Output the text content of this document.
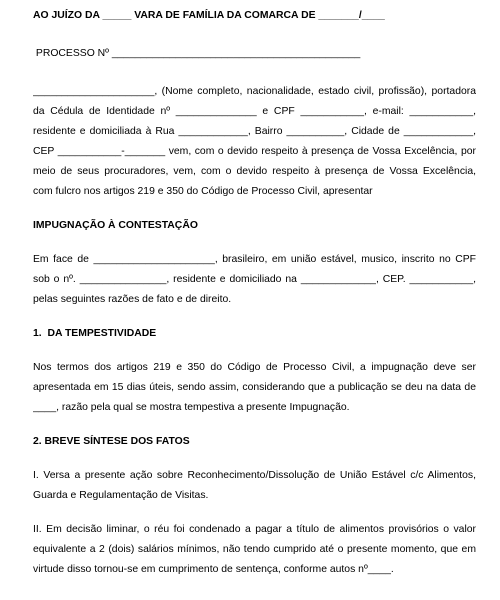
AO JUÍZO DA _____ VARA DE FAMÍLIA DA COMARCA DE _______/____
PROCESSO Nº ___________________________________________
_____________________, (Nome completo, nacionalidade, estado civil, profissão), portadora
da Cédula de Identidade nº ______________ e CPF ___________, e-mail: ___________,
residente e domiciliada à Rua ____________, Bairro __________, Cidade de ____________,
CEP ___________-_______ vem, com o devido respeito à presença de Vossa Excelência, por
meio de seus procuradores, vem, com o devido respeito à presença de Vossa Excelência,
com fulcro nos artigos 219 e 350 do Código de Processo Civil, apresentar
IMPUGNAÇÃO À CONTESTAÇÃO
Em face de _____________________, brasileiro, em união estável, musico, inscrito no CPF
sob o nº. _______________, residente e domiciliado na _____________, CEP. ___________,
pelas seguintes razões de fato e de direito.
1.  DA TEMPESTIVIDADE
Nos termos dos artigos 219 e 350 do Código de Processo Civil, a impugnação deve ser
apresentada em 15 dias úteis, sendo assim, considerando que a publicação se deu na data de
____, razão pela qual se mostra tempestiva a presente Impugnação.
2. BREVE SÍNTESE DOS FATOS
I. Versa a presente ação sobre Reconhecimento/Dissolução de União Estável c/c Alimentos,
Guarda e Regulamentação de Visitas.
II. Em decisão liminar, o réu foi condenado a pagar a título de alimentos provisórios o valor
equivalente a 2 (dois) salários mínimos, não tendo cumprido até o presente momento, que em
virtude disso tornou-se em cumprimento de sentença, conforme autos nº____.
